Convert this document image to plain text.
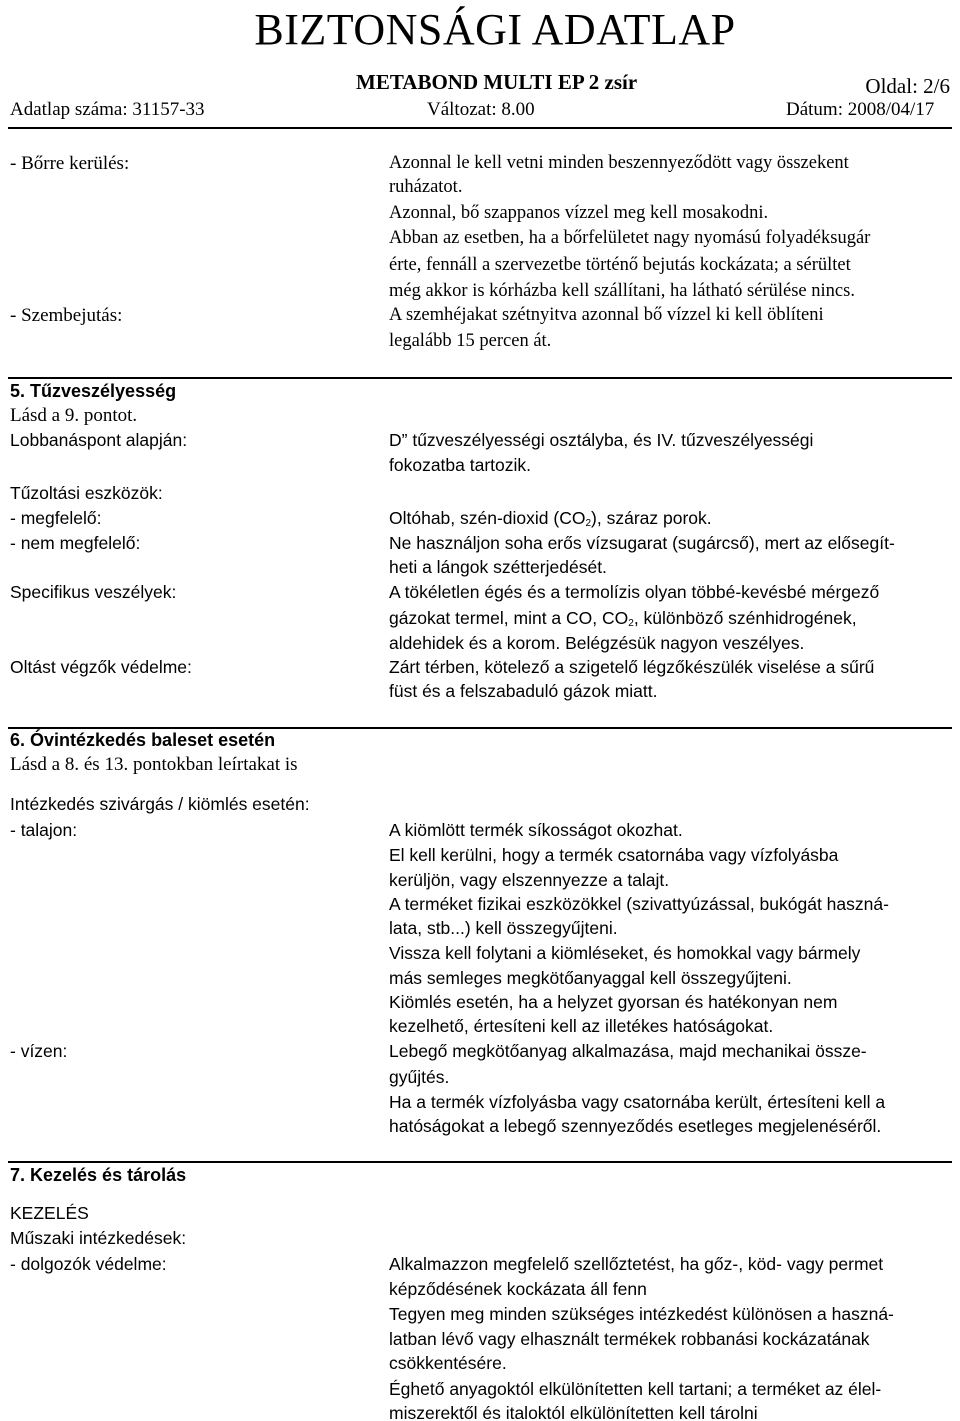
BIZTONSÁGI ADATLAP
METABOND MULTI EP 2 zsír	Oldal: 2/6
Adatlap száma: 31157-33	Változat: 8.00	Dátum: 2008/04/17
- Bőrre kerülés:	Azonnal le kell vetni minden beszennyeződött vagy összekent
ruházatot.
Azonnal, bő szappanos vízzel meg kell mosakodni.
Abban az esetben, ha a bőrfelületet nagy nyomású folyadéksugár
érte, fennáll a szervezetbe történő bejutás kockázata; a sérültet
még akkor is kórházba kell szállítani, ha látható sérülése nincs.
- Szembejutás:	A szemhéjakat szétnyitva azonnal bő vízzel ki kell öblíteni
legalább 15 percen át.
5. Tűzveszélyesség
Lásd a 9. pontot.
Lobbanáspont alapján:	D” tűzveszélyességi osztályba, és IV. tűzveszélyességi
fokozatba tartozik.
Tűzoltási eszközök:
- megfelelő:	Oltóhab, szén-dioxid $(CO_2)$, száraz porok.
- nem megfelelő:	Ne használjon soha erős vízsugarat (sugárcső), mert az elősegít-
heti a lángok szétterjedését.
Specifikus veszélyek:	A tökéletlen égés és a termolízis olyan többé-kevésbé mérgező
gázokat termel, mint a CO, $CO_2$, különböző szénhidrogének,
aldehidek és a korom. Belégzésük nagyon veszélyes.
Oltást végzők védelme:	Zárt térben, kötelező a szigetelő légzőkészülék viselése a sűrű
füst és a felszabaduló gázok miatt.
6. Óvintézkedés baleset esetén
Lásd a 8. és 13. pontokban leírtakat is
Intézkedés szivárgás / kiömlés esetén:
- talajon:	A kiömlött termék síkosságot okozhat.
El kell kerülni, hogy a termék csatornába vagy vízfolyásba
kerüljön, vagy elszennyezze a talajt.
A terméket fizikai eszközökkel (szivattyúzással, bukógát haszná-
lata, stb...) kell összegyűjteni.
Vissza kell folytani a kiömléseket, és homokkal vagy bármely
más semleges megkötőanyaggal kell összegyűjteni.
Kiömlés esetén, ha a helyzet gyorsan és hatékonyan nem
kezelhető, értesíteni kell az illetékes hatóságokat.
- vízen:	Lebegő megkötőanyag alkalmazása, majd mechanikai össze-
gyűjtés.
Ha a termék vízfolyásba vagy csatornába került, értesíteni kell a
hatóságokat a lebegő szennyeződés esetleges megjelenéséről.
7. Kezelés és tárolás
KEZELÉS
Műszaki intézkedések:
- dolgozók védelme:	Alkalmazzon megfelelő szellőztetést, ha gőz-, köd- vagy permet
képződésének kockázata áll fenn
Tegyen meg minden szükséges intézkedést különösen a haszná-
latban lévő vagy elhasznált termékek robbanási kockázatának
csökkentésére.
Éghető anyagoktól elkülönítetten kell tartani; a terméket az élel-
miszerektől és italoktól elkülönítetten kell tárolni
